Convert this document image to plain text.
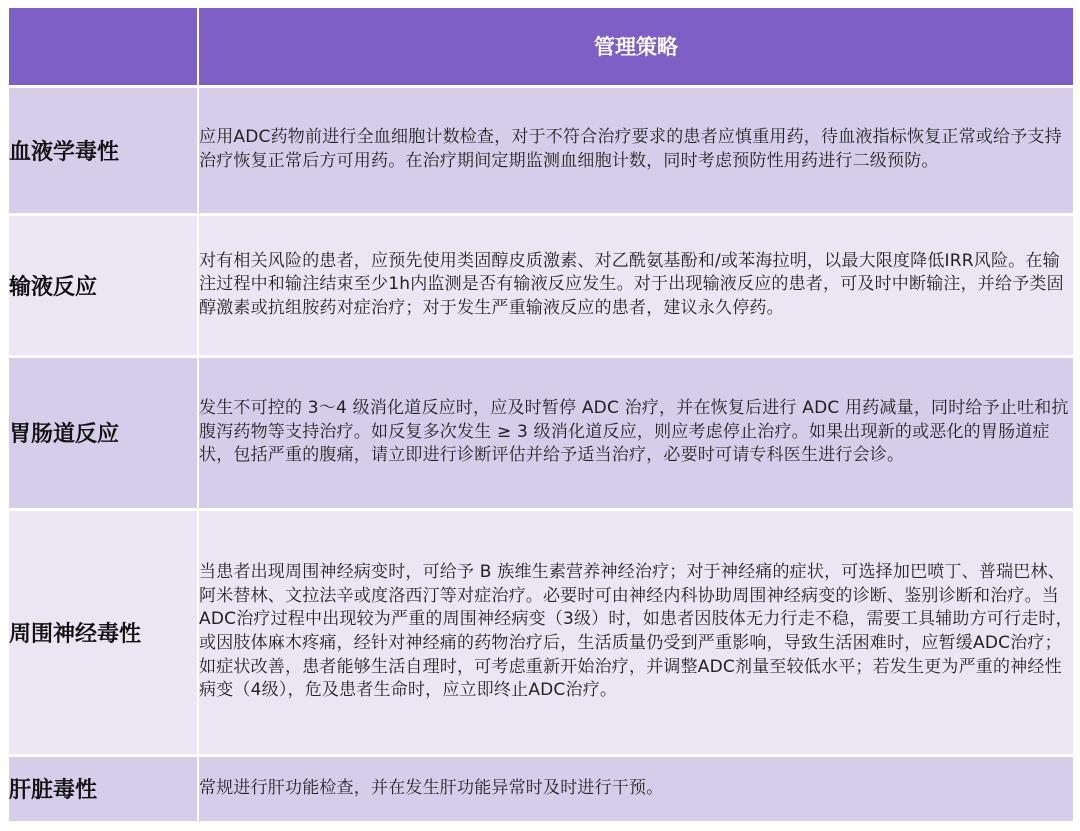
	管理策略
血液学毒性	应用ADC药物前进行全血细胞计数检查，对于不符合治疗要求的患者应慎重用药，待血液指标恢复正常或给予支持治疗恢复正常后方可用药。在治疗期间定期监测血细胞计数，同时考虑预防性用药进行二级预防。
输液反应	对有相关风险的患者，应预先使用类固醇皮质激素、对乙酰氨基酚和/或苯海拉明，以最大限度降低IRR风险。在输注过程中和输注结束至少1h内监测是否有输液反应发生。对于出现输液反应的患者，可及时中断输注，并给予类固醇激素或抗组胺药对症治疗；对于发生严重输液反应的患者，建议永久停药。
胃肠道反应	发生不可控的 3～4 级消化道反应时，应及时暂停 ADC 治疗，并在恢复后进行 ADC 用药减量，同时给予止吐和抗腹泻药物等支持治疗。如反复多次发生 ≥ 3 级消化道反应，则应考虑停止治疗。如果出现新的或恶化的胃肠道症状，包括严重的腹痛，请立即进行诊断评估并给予适当治疗，必要时可请专科医生进行会诊。
周围神经毒性	当患者出现周围神经病变时，可给予 B 族维生素营养神经治疗；对于神经痛的症状，可选择加巴喷丁、普瑞巴林、阿米替林、文拉法辛或度洛西汀等对症治疗。必要时可由神经内科协助周围神经病变的诊断、鉴别诊断和治疗。当ADC治疗过程中出现较为严重的周围神经病变（3级）时，如患者因肢体无力行走不稳，需要工具辅助方可行走时，或因肢体麻木疼痛，经针对神经痛的药物治疗后，生活质量仍受到严重影响，导致生活困难时，应暂缓ADC治疗；如症状改善，患者能够生活自理时，可考虑重新开始治疗，并调整ADC剂量至较低水平；若发生更为严重的神经性病变（4级），危及患者生命时，应立即终止ADC治疗。
肝脏毒性	常规进行肝功能检查，并在发生肝功能异常时及时进行干预。
